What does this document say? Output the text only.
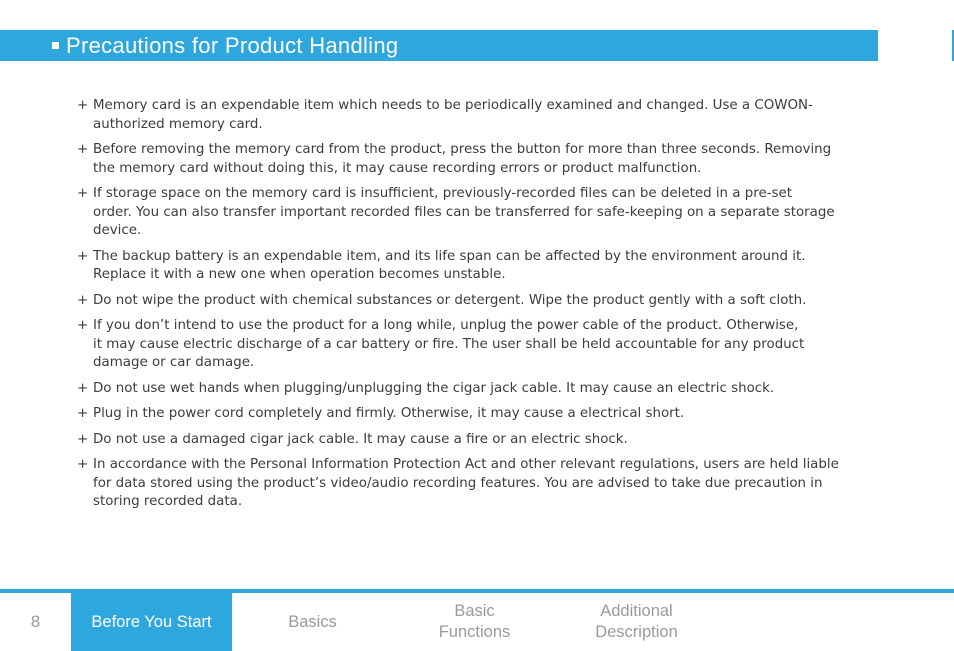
Precautions for Product Handling
+ Memory card is an expendable item which needs to be periodically examined and changed. Use a COWON-
authorized memory card.
+ Before removing the memory card from the product, press the button for more than three seconds. Removing
the memory card without doing this, it may cause recording errors or product malfunction.
+ If storage space on the memory card is insufficient, previously-recorded files can be deleted in a pre-set
order. You can also transfer important recorded files can be transferred for safe-keeping on a separate storage
device.
+ The backup battery is an expendable item, and its life span can be affected by the environment around it.
Replace it with a new one when operation becomes unstable.
+ Do not wipe the product with chemical substances or detergent. Wipe the product gently with a soft cloth.
+ If you don’t intend to use the product for a long while, unplug the power cable of the product. Otherwise,
it may cause electric discharge of a car battery or fire. The user shall be held accountable for any product
damage or car damage.
+ Do not use wet hands when plugging/unplugging the cigar jack cable. It may cause an electric shock.
+ Plug in the power cord completely and firmly. Otherwise, it may cause a electrical short.
+ Do not use a damaged cigar jack cable. It may cause a fire or an electric shock.
+ In accordance with the Personal Information Protection Act and other relevant regulations, users are held liable
for data stored using the product’s video/audio recording features. You are advised to take due precaution in
storing recorded data.
8	Before You Start	Basics
Basic
Functions
Additional
Description
